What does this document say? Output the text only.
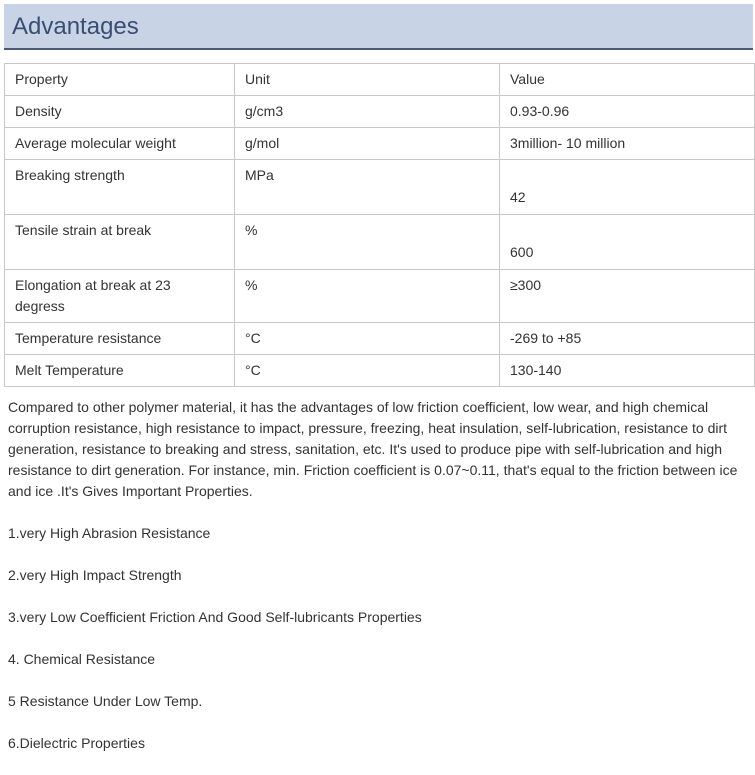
Advantages
Property	Unit	Value
Density	g/cm3	0.93-0.96
Average molecular weight	g/mol	3million- 10 million
Breaking strength	MPa	42
Tensile strain at break	%	600
Elongation at break at 23 degress	%	≥300
Temperature resistance	°C	-269 to +85
Melt Temperature	°C	130-140

Compared to other polymer material, it has the advantages of low friction coefficient, low wear, and high chemical corruption resistance, high resistance to impact, pressure, freezing, heat insulation, self-lubrication, resistance to dirt generation, resistance to breaking and stress, sanitation, etc. It's used to produce pipe with self-lubrication and high resistance to dirt generation. For instance, min. Friction coefficient is 0.07~0.11, that's equal to the friction between ice and ice .It's Gives Important Properties.

1.very High Abrasion Resistance

2.very High Impact Strength

3.very Low Coefficient Friction And Good Self-lubricants Properties

4. Chemical Resistance

5 Resistance Under Low Temp.

6.Dielectric Properties
